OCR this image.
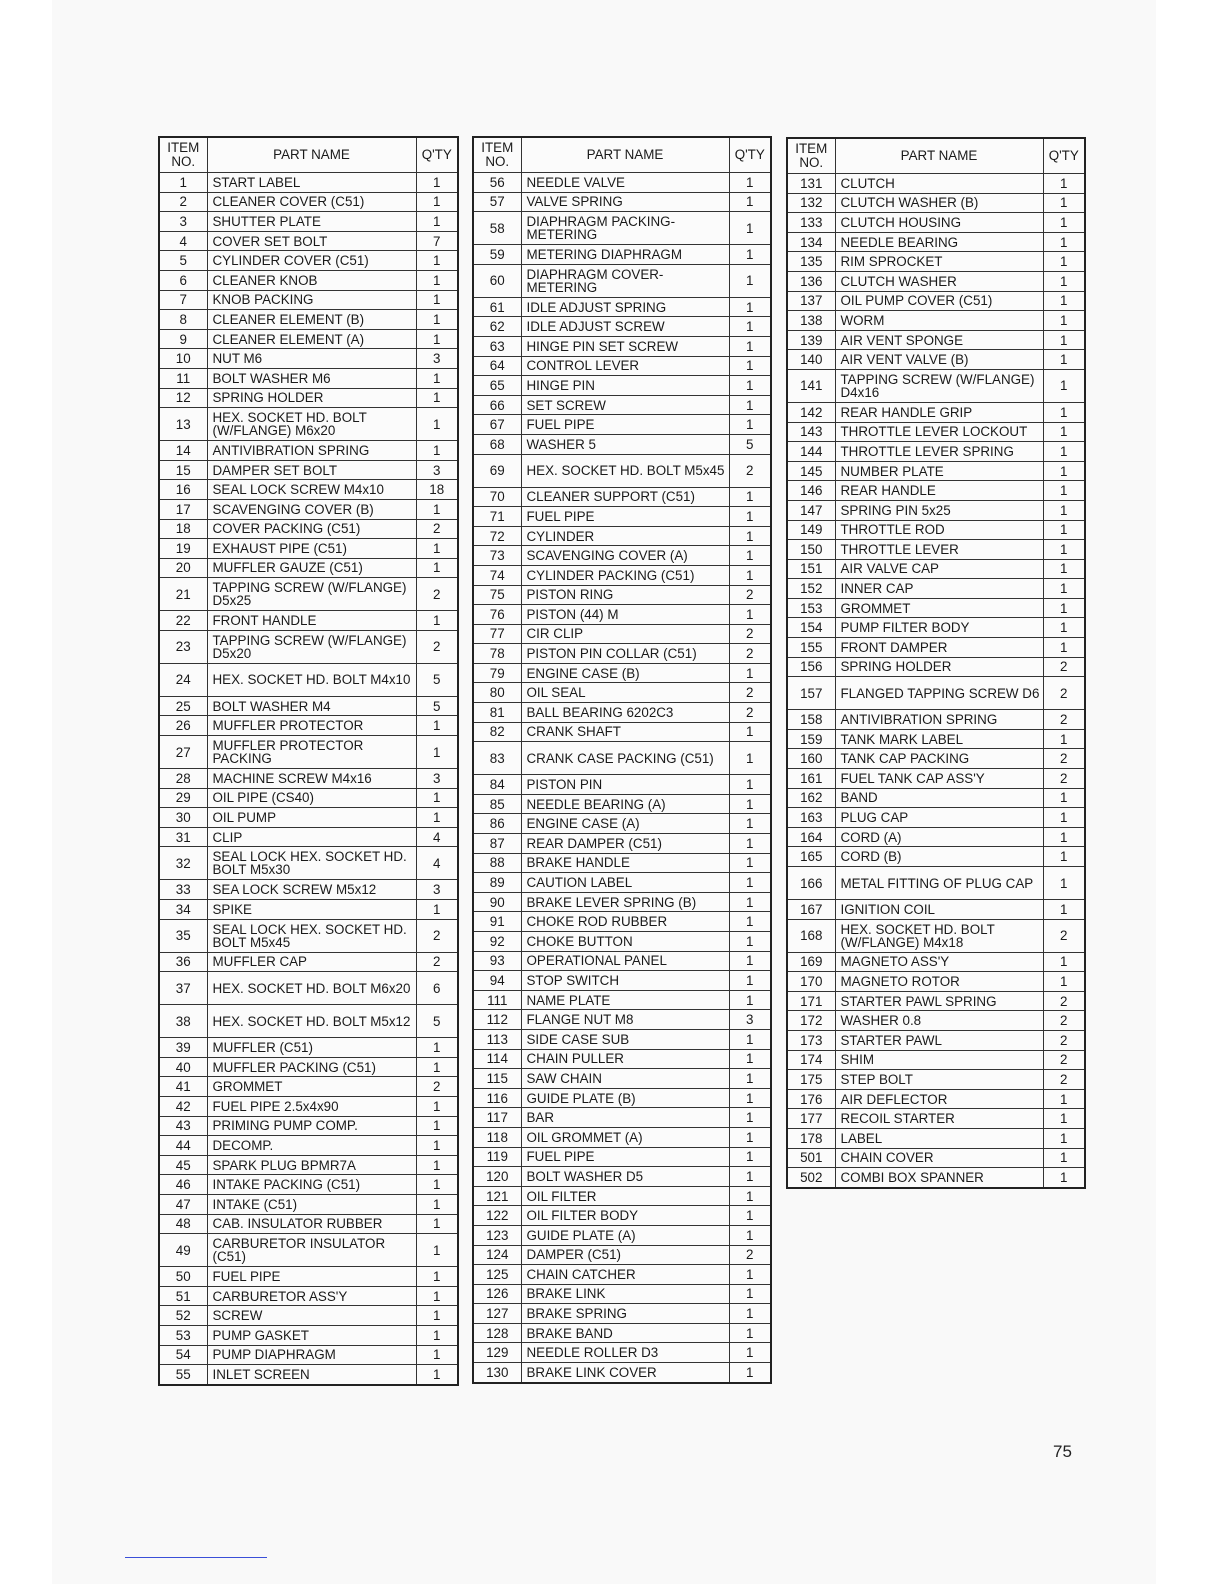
ITEM NO.	PART NAME	Q'TY
1	START LABEL	1
2	CLEANER COVER (C51)	1
3	SHUTTER PLATE	1
4	COVER SET BOLT	7
5	CYLINDER COVER (C51)	1
6	CLEANER KNOB	1
7	KNOB PACKING	1
8	CLEANER ELEMENT (B)	1
9	CLEANER ELEMENT (A)	1
10	NUT M6	3
11	BOLT WASHER M6	1
12	SPRING HOLDER	1
13	HEX. SOCKET HD. BOLT (W/FLANGE) M6x20	1
14	ANTIVIBRATION SPRING	1
15	DAMPER SET BOLT	3
16	SEAL LOCK SCREW M4x10	18
17	SCAVENGING COVER (B)	1
18	COVER PACKING (C51)	2
19	EXHAUST PIPE (C51)	1
20	MUFFLER GAUZE (C51)	1
21	TAPPING SCREW (W/FLANGE) D5x25	2
22	FRONT HANDLE	1
23	TAPPING SCREW (W/FLANGE) D5x20	2
24	HEX. SOCKET HD. BOLT M4x10	5
25	BOLT WASHER M4	5
26	MUFFLER PROTECTOR	1
27	MUFFLER PROTECTOR PACKING	1
28	MACHINE SCREW M4x16	3
29	OIL PIPE (CS40)	1
30	OIL PUMP	1
31	CLIP	4
32	SEAL LOCK HEX. SOCKET HD. BOLT M5x30	4
33	SEA LOCK SCREW M5x12	3
34	SPIKE	1
35	SEAL LOCK HEX. SOCKET HD. BOLT M5x45	2
36	MUFFLER CAP	2
37	HEX. SOCKET HD. BOLT M6x20	6
38	HEX. SOCKET HD. BOLT M5x12	5
39	MUFFLER (C51)	1
40	MUFFLER PACKING (C51)	1
41	GROMMET	2
42	FUEL PIPE 2.5x4x90	1
43	PRIMING PUMP COMP.	1
44	DECOMP.	1
45	SPARK PLUG BPMR7A	1
46	INTAKE PACKING (C51)	1
47	INTAKE (C51)	1
48	CAB. INSULATOR RUBBER	1
49	CARBURETOR INSULATOR (C51)	1
50	FUEL PIPE	1
51	CARBURETOR ASS'Y	1
52	SCREW	1
53	PUMP GASKET	1
54	PUMP DIAPHRAGM	1
55	INLET SCREEN	1
ITEM NO.	PART NAME	Q'TY
56	NEEDLE VALVE	1
57	VALVE SPRING	1
58	DIAPHRAGM PACKING- METERING	1
59	METERING DIAPHRAGM	1
60	DIAPHRAGM COVER- METERING	1
61	IDLE ADJUST SPRING	1
62	IDLE ADJUST SCREW	1
63	HINGE PIN SET SCREW	1
64	CONTROL LEVER	1
65	HINGE PIN	1
66	SET SCREW	1
67	FUEL PIPE	1
68	WASHER 5	5
69	HEX. SOCKET HD. BOLT M5x45	2
70	CLEANER SUPPORT (C51)	1
71	FUEL PIPE	1
72	CYLINDER	1
73	SCAVENGING COVER (A)	1
74	CYLINDER PACKING (C51)	1
75	PISTON RING	2
76	PISTON (44) M	1
77	CIR CLIP	2
78	PISTON PIN COLLAR (C51)	2
79	ENGINE CASE (B)	1
80	OIL SEAL	2
81	BALL BEARING 6202C3	2
82	CRANK SHAFT	1
83	CRANK CASE PACKING (C51)	1
84	PISTON PIN	1
85	NEEDLE BEARING (A)	1
86	ENGINE CASE (A)	1
87	REAR DAMPER (C51)	1
88	BRAKE HANDLE	1
89	CAUTION LABEL	1
90	BRAKE LEVER SPRING (B)	1
91	CHOKE ROD RUBBER	1
92	CHOKE BUTTON	1
93	OPERATIONAL PANEL	1
94	STOP SWITCH	1
111	NAME PLATE	1
112	FLANGE NUT M8	3
113	SIDE CASE SUB	1
114	CHAIN PULLER	1
115	SAW CHAIN	1
116	GUIDE PLATE (B)	1
117	BAR	1
118	OIL GROMMET (A)	1
119	FUEL PIPE	1
120	BOLT WASHER D5	1
121	OIL FILTER	1
122	OIL FILTER BODY	1
123	GUIDE PLATE (A)	1
124	DAMPER (C51)	2
125	CHAIN CATCHER	1
126	BRAKE LINK	1
127	BRAKE SPRING	1
128	BRAKE BAND	1
129	NEEDLE ROLLER D3	1
130	BRAKE LINK COVER	1
ITEM NO.	PART NAME	Q'TY
131	CLUTCH	1
132	CLUTCH WASHER (B)	1
133	CLUTCH HOUSING	1
134	NEEDLE BEARING	1
135	RIM SPROCKET	1
136	CLUTCH WASHER	1
137	OIL PUMP COVER (C51)	1
138	WORM	1
139	AIR VENT SPONGE	1
140	AIR VENT VALVE (B)	1
141	TAPPING SCREW (W/FLANGE) D4x16	1
142	REAR HANDLE GRIP	1
143	THROTTLE LEVER LOCKOUT	1
144	THROTTLE LEVER SPRING	1
145	NUMBER PLATE	1
146	REAR HANDLE	1
147	SPRING PIN 5x25	1
149	THROTTLE ROD	1
150	THROTTLE LEVER	1
151	AIR VALVE CAP	1
152	INNER CAP	1
153	GROMMET	1
154	PUMP FILTER BODY	1
155	FRONT DAMPER	1
156	SPRING HOLDER	2
157	FLANGED TAPPING SCREW D6	2
158	ANTIVIBRATION SPRING	2
159	TANK MARK LABEL	1
160	TANK CAP PACKING	2
161	FUEL TANK CAP ASS'Y	2
162	BAND	1
163	PLUG CAP	1
164	CORD (A)	1
165	CORD (B)	1
166	METAL FITTING OF PLUG CAP	1
167	IGNITION COIL	1
168	HEX. SOCKET HD. BOLT (W/FLANGE) M4x18	2
169	MAGNETO ASS'Y	1
170	MAGNETO ROTOR	1
171	STARTER PAWL SPRING	2
172	WASHER 0.8	2
173	STARTER PAWL	2
174	SHIM	2
175	STEP BOLT	2
176	AIR DEFLECTOR	1
177	RECOIL STARTER	1
178	LABEL	1
501	CHAIN COVER	1
502	COMBI BOX SPANNER	1
75
